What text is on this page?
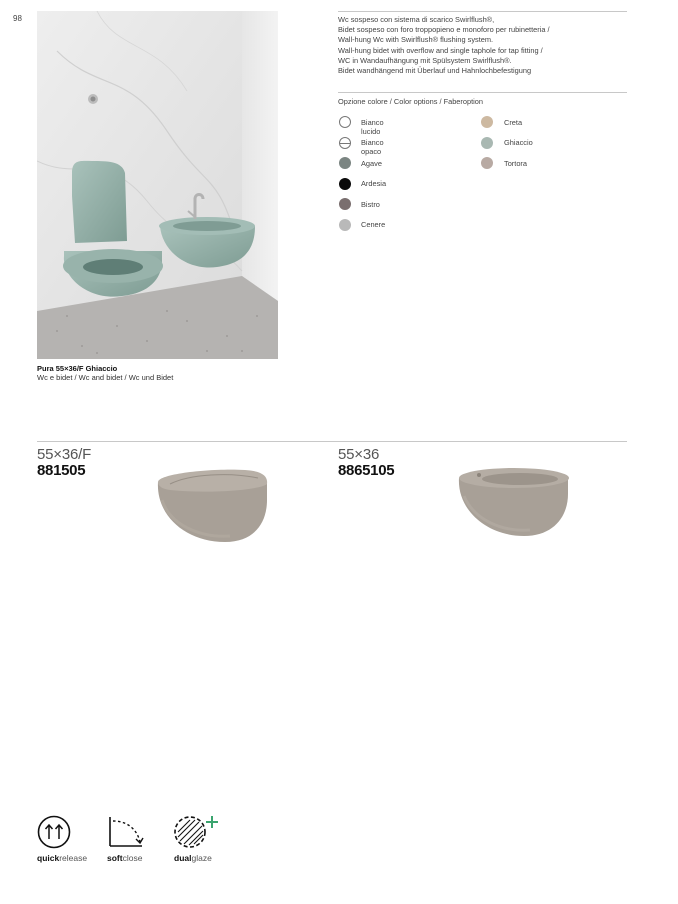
98
Pura 55×36/F Ghiaccio
Wc e bidet / Wc and bidet / Wc und Bidet
Wc sospeso con sistema di scarico Swirlflush®,
Bidet sospeso con foro troppopieno e monoforo per rubinetteria /
Wall-hung Wc with Swirlflush® flushing system.
Wall-hung bidet with overflow and single taphole for tap fitting /
WC in Wandaufhängung mit Spülsystem Swirlflush®.
Bidet wandhängend mit Überlauf und Hahnlochbefestigung
Opzione colore / Color options / Faberoption
Bianco lucido
Bianco opaco
Agave
Ardesia
Bistro
Cenere
Creta
Ghiaccio
Tortora
55×36/F
881505
55×36
8865105
quickrelease softclose	dualglaze
